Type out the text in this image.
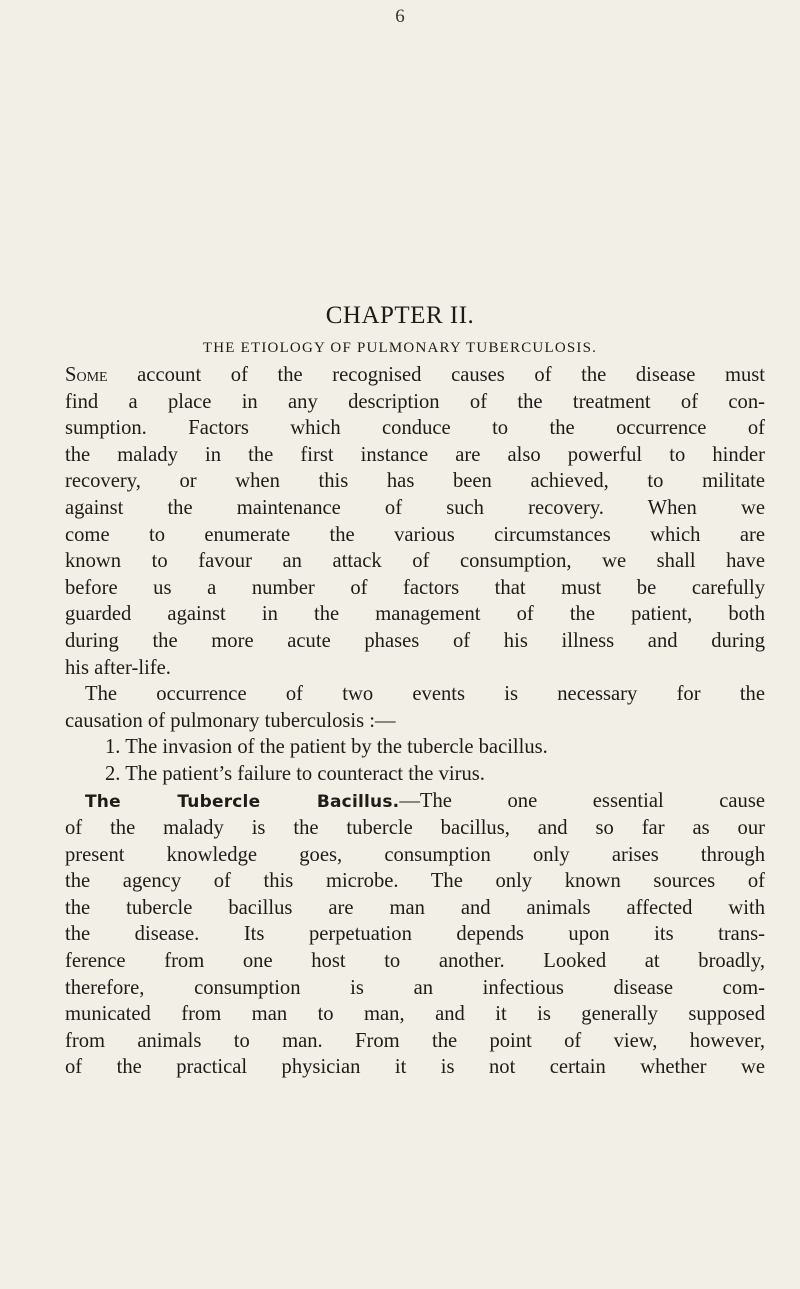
6
CHAPTER II.
THE ETIOLOGY OF PULMONARY TUBERCULOSIS.
Some account of the recognised causes of the disease must
find a place in any description of the treatment of con-
sumption. Factors which conduce to the occurrence of
the malady in the first instance are also powerful to hinder
recovery, or when this has been achieved, to militate
against the maintenance of such recovery. When we
come to enumerate the various circumstances which are
known to favour an attack of consumption, we shall have
before us a number of factors that must be carefully
guarded against in the management of the patient, both
during the more acute phases of his illness and during
his after-life.
The occurrence of two events is necessary for the
causation of pulmonary tuberculosis :—
1. The invasion of the patient by the tubercle bacillus.
2. The patient’s failure to counteract the virus.
The Tubercle Bacillus.—The one essential cause
of the malady is the tubercle bacillus, and so far as our
present knowledge goes, consumption only arises through
the agency of this microbe. The only known sources of
the tubercle bacillus are man and animals affected with
the disease. Its perpetuation depends upon its trans-
ference from one host to another. Looked at broadly,
therefore, consumption is an infectious disease com-
municated from man to man, and it is generally supposed
from animals to man. From the point of view, however,
of the practical physician it is not certain whether we
